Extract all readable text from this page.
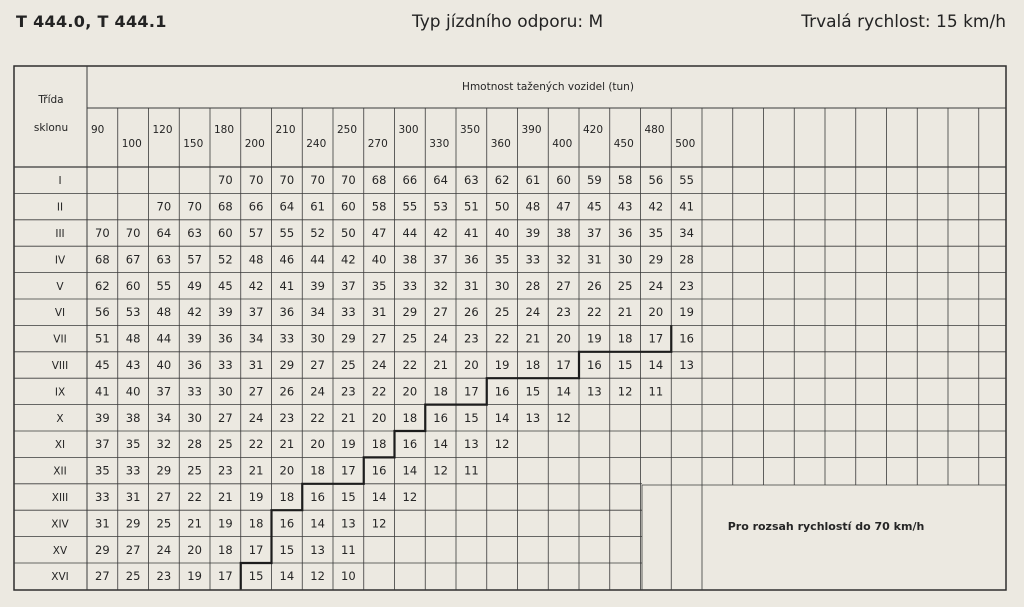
T 444.0, T 444.1	Typ jízdního odporu: M	Trvalá rychlost: 15 km/h
Třída
sklonu
Hmotnost tažených vozidel (tun)
90
100
120
150
180
200
210
240
250
270
300
330
350
360
390
400
420
450
480
500
I
II
III
IV
V
VI
VII
VIII
IX
X
XI
XII
XIII
XIV
XV
XVI
70 70 70 70 70 68 66 64 63 62 61 60 59 58 56 55
70 70 68 66 64 61 60 58 55 53 51 50 48 47 45 43 42 41
70 70 64 63 60 57 55 52 50 47 44 42 41 40 39 38 37 36 35 34
68 67 63 57 52 48 46 44 42 40 38 37 36 35 33 32 31 30 29 28
62 60 55 49 45 42 41 39 37 35 33 32 31 30 28 27 26 25 24 23
56 53 48 42 39 37 36 34 33 31 29 27 26 25 24 23 22 21 20 19
51 48 44 39 36 34 33 30 29 27 25 24 23 22 21 20 19 18 17 16
45 43 40 36 33 31 29 27 25 24 22 21 20 19 18 17 16 15 14 13
41 40 37 33 30 27 26 24 23 22 20 18 17 16 15 14 13 12 11
39 38 34 30 27 24 23 22 21 20 18 16 15 14 13 12
37 35 32 28 25 22 21 20 19 18 16 14 13 12
35 33 29 25 23 21 20 18 17 16 14 12 11
33 31 27 22 21 19 18 16 15 14 12
31 29 25 21 19 18 16 14 13 12
29 27 24 20 18 17 15 13 11
27 25 23 19 17 15 14 12 10
Pro rozsah rychlostí do 70 km/h
